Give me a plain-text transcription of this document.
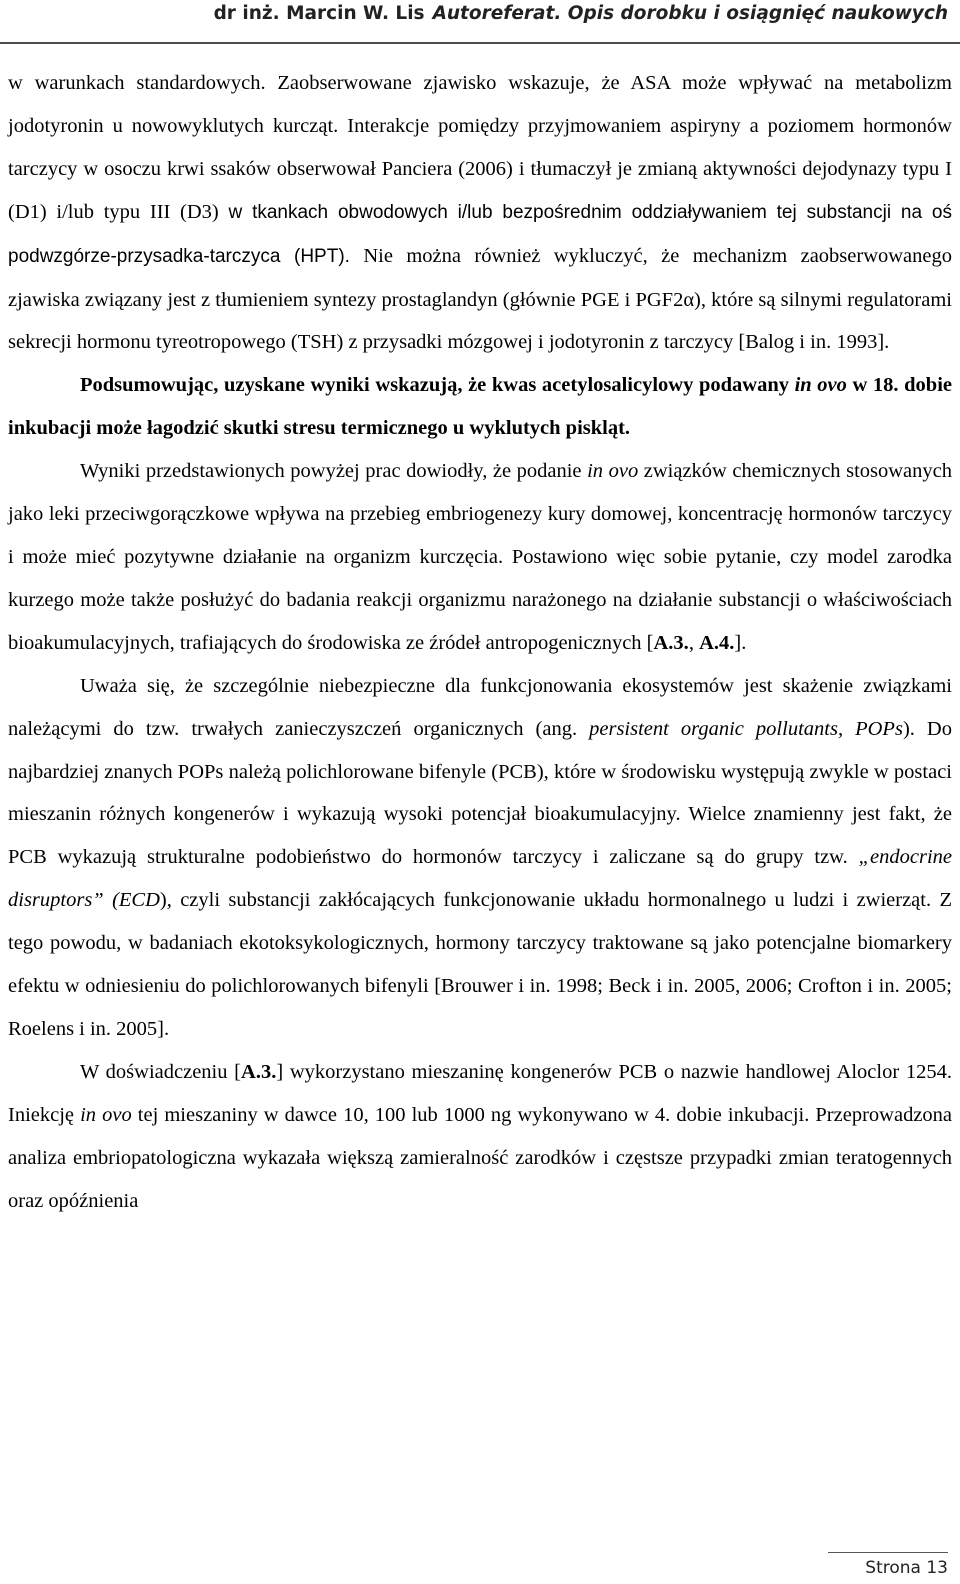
dr inż. Marcin W. Lis Autoreferat. Opis dorobku i osiągnięć naukowych

w warunkach standardowych. Zaobserwowane zjawisko wskazuje, że ASA może wpływać na metabolizm jodotyronin u nowowyklutych kurcząt. Interakcje pomiędzy przyjmowaniem aspiryny a poziomem hormonów tarczycy w osoczu krwi ssaków obserwował Panciera (2006) i tłumaczył je zmianą aktywności dejodynazy typu I (D1) i/lub typu III (D3) w tkankach obwodowych i/lub bezpośrednim oddziaływaniem tej substancji na oś podwzgórze-przysadka-tarczyca (HPT). Nie można również wykluczyć, że mechanizm zaobserwowanego zjawiska związany jest z tłumieniem syntezy prostaglandyn (głównie PGE i PGF2α), które są silnymi regulatorami sekrecji hormonu tyreotropowego (TSH) z przysadki mózgowej i jodotyronin z tarczycy [Balog i in. 1993].

Podsumowując, uzyskane wyniki wskazują, że kwas acetylosalicylowy podawany in ovo w 18. dobie inkubacji może łagodzić skutki stresu termicznego u wyklutych piskląt.

Wyniki przedstawionych powyżej prac dowiodły, że podanie in ovo związków chemicznych stosowanych jako leki przeciwgorączkowe wpływa na przebieg embriogenezy kury domowej, koncentrację hormonów tarczycy i może mieć pozytywne działanie na organizm kurczęcia. Postawiono więc sobie pytanie, czy model zarodka kurzego może także posłużyć do badania reakcji organizmu narażonego na działanie substancji o właściwościach bioakumulacyjnych, trafiających do środowiska ze źródeł antropogenicznych [A.3., A.4.].

Uważa się, że szczególnie niebezpieczne dla funkcjonowania ekosystemów jest skażenie związkami należącymi do tzw. trwałych zanieczyszczeń organicznych (ang. persistent organic pollutants, POPs). Do najbardziej znanych POPs należą polichlorowane bifenyle (PCB), które w środowisku występują zwykle w postaci mieszanin różnych kongenerów i wykazują wysoki potencjał bioakumulacyjny. Wielce znamienny jest fakt, że PCB wykazują strukturalne podobieństwo do hormonów tarczycy i zaliczane są do grupy tzw. „endocrine disruptors” (ECD), czyli substancji zakłócających funkcjonowanie układu hormonalnego u ludzi i zwierząt. Z tego powodu, w badaniach ekotoksykologicznych, hormony tarczycy traktowane są jako potencjalne biomarkery efektu w odniesieniu do polichlorowanych bifenyli [Brouwer i in. 1998; Beck i in. 2005, 2006; Crofton i in. 2005; Roelens i in. 2005].

W doświadczeniu [A.3.] wykorzystano mieszaninę kongenerów PCB o nazwie handlowej Aloclor 1254. Iniekcję in ovo tej mieszaniny w dawce 10, 100 lub 1000 ng wykonywano w 4. dobie inkubacji. Przeprowadzona analiza embriopatologiczna wykazała większą zamieralność zarodków i częstsze przypadki zmian teratogennych oraz opóźnienia

Strona 13
